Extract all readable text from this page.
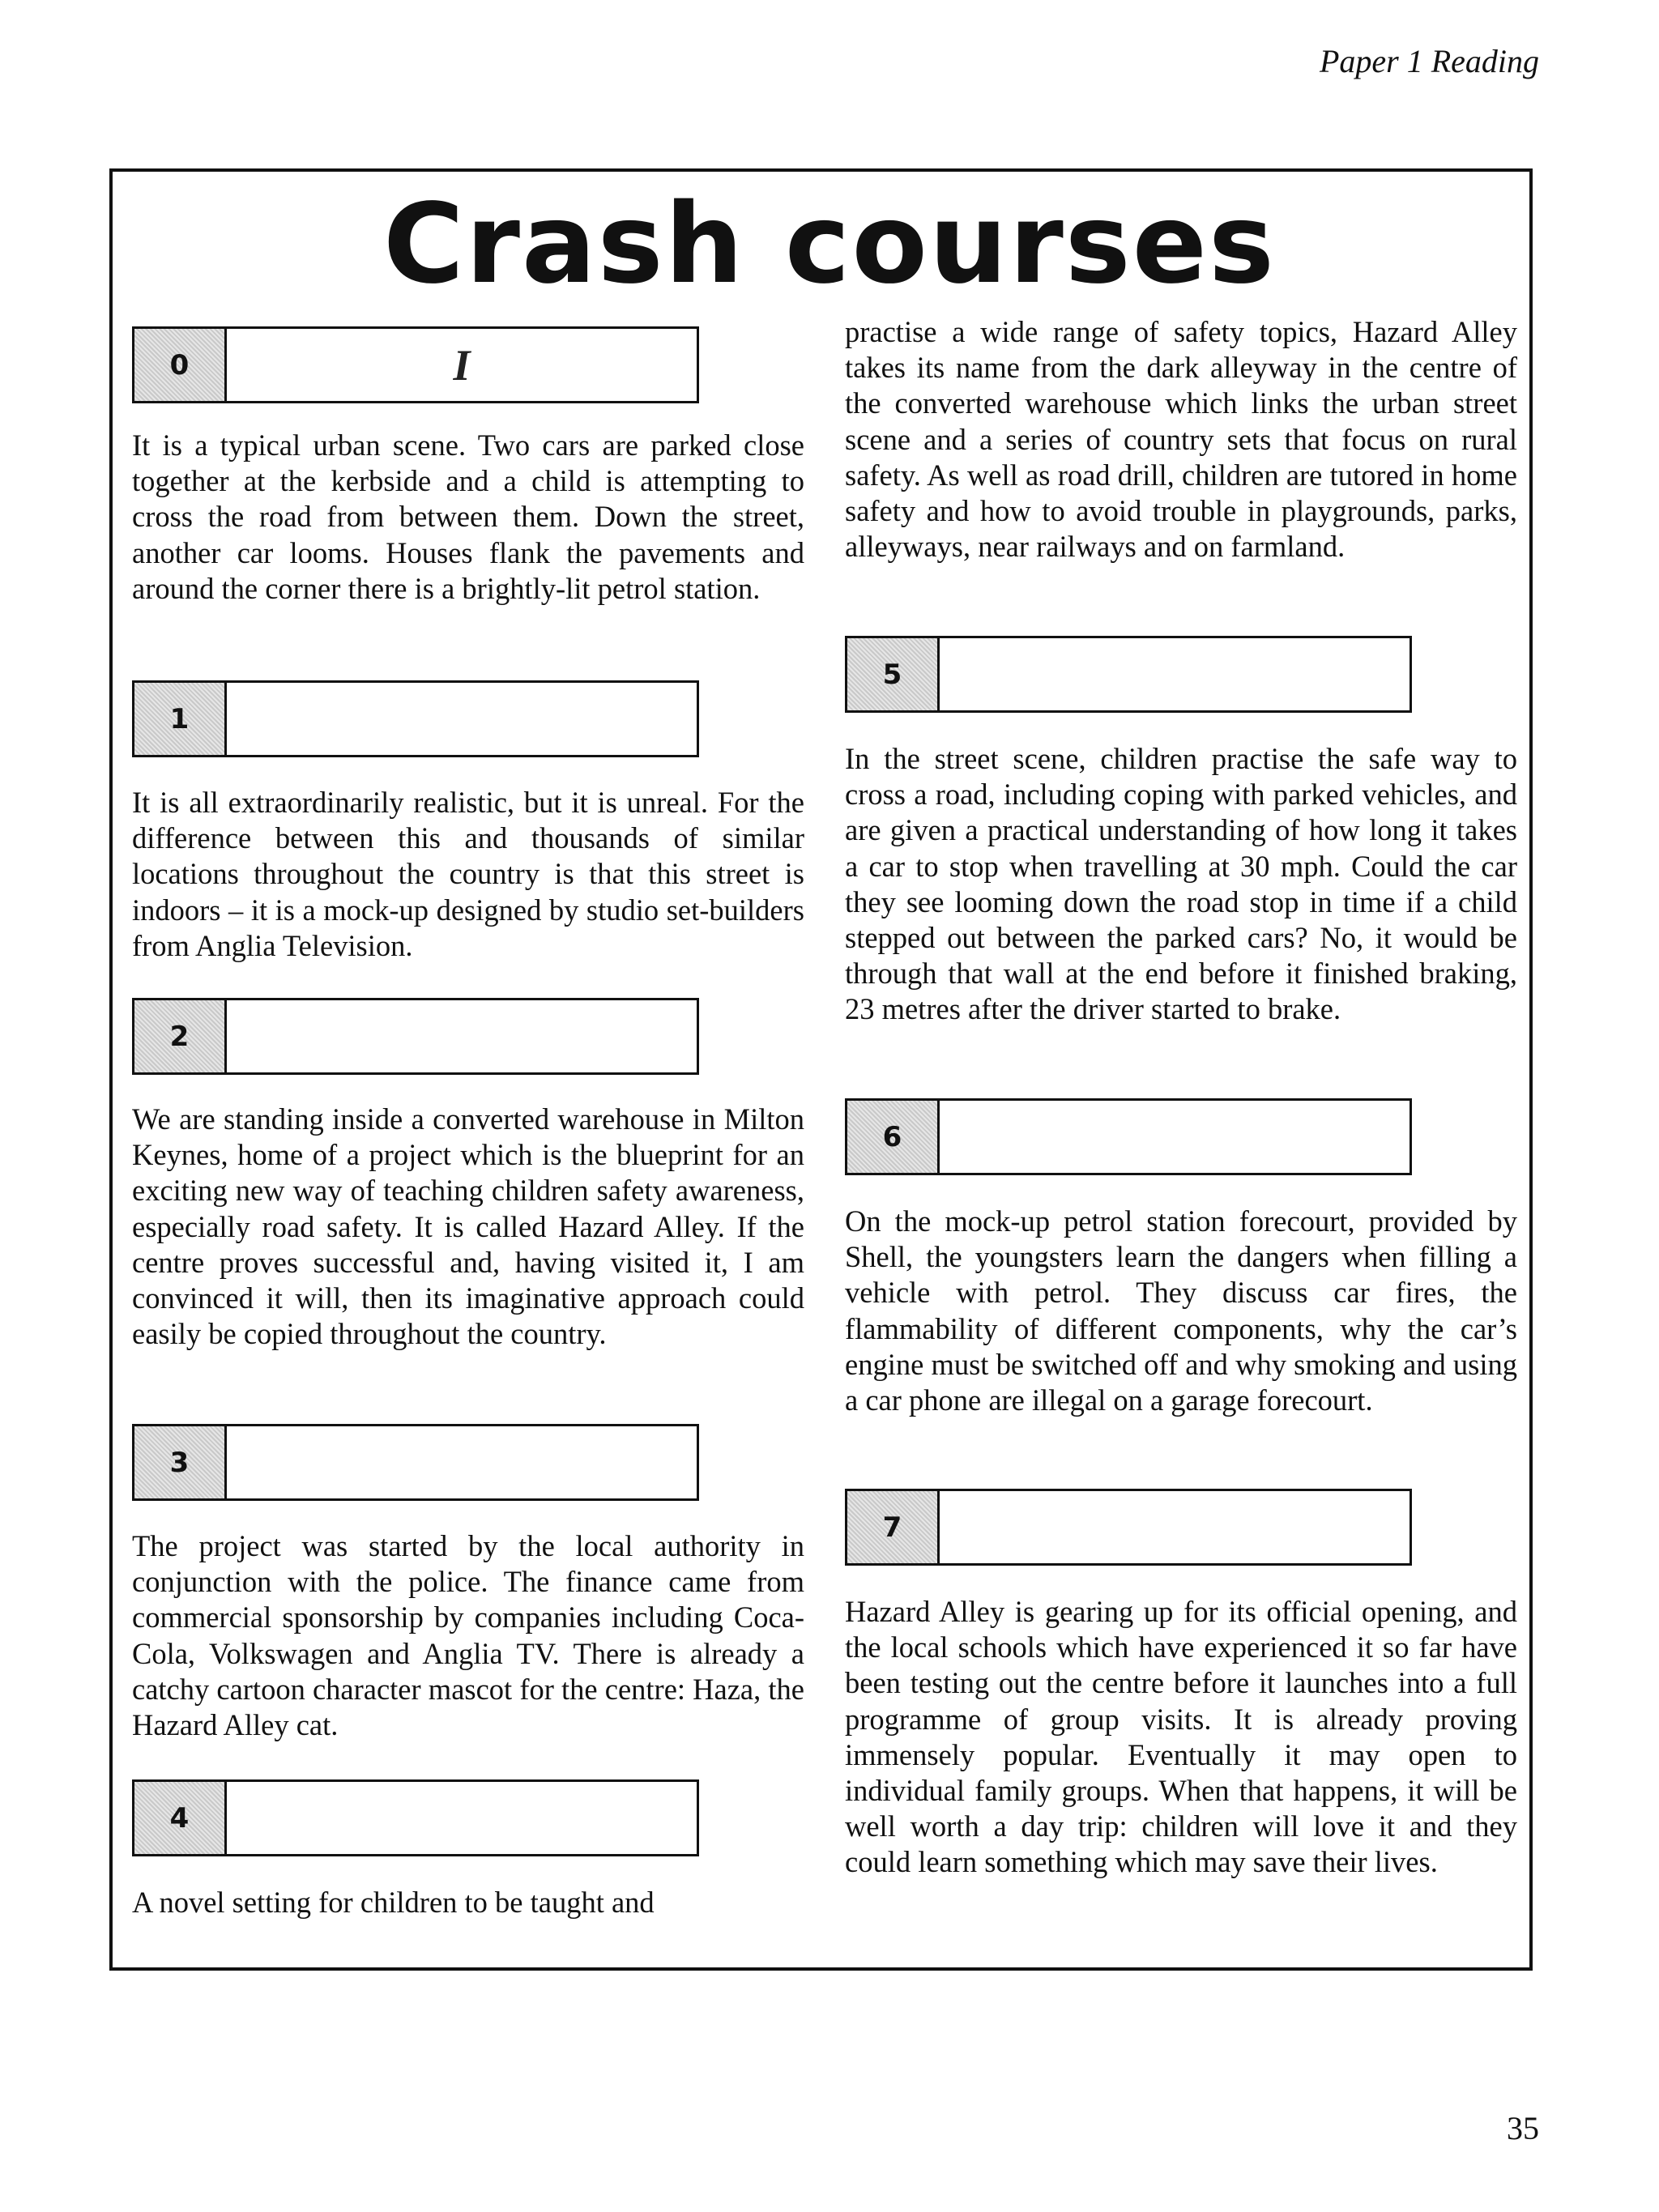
Paper 1 Reading
Crash courses
0	I

It is a typical urban scene. Two cars are parked close together at the kerbside and a child is attempting to cross the road from between them. Down the street, another car looms. Houses flank the pavements and around the corner there is a brightly-lit petrol station.

1

It is all extraordinarily realistic, but it is unreal. For the difference between this and thousands of similar locations throughout the country is that this street is indoors – it is a mock-up designed by studio set-builders from Anglia Television.

2

We are standing inside a converted warehouse in Milton Keynes, home of a project which is the blueprint for an exciting new way of teaching children safety awareness, especially road safety. It is called Hazard Alley. If the centre proves successful and, having visited it, I am convinced it will, then its imaginative approach could easily be copied throughout the country.

3

The project was started by the local authority in conjunction with the police. The finance came from commercial sponsorship by companies including Coca-Cola, Volkswagen and Anglia TV. There is already a catchy cartoon character mascot for the centre: Haza, the Hazard Alley cat.

4

A novel setting for children to be taught and

practise a wide range of safety topics, Hazard Alley takes its name from the dark alleyway in the centre of the converted warehouse which links the urban street scene and a series of country sets that focus on rural safety. As well as road drill, children are tutored in home safety and how to avoid trouble in playgrounds, parks, alleyways, near railways and on farmland.

5

In the street scene, children practise the safe way to cross a road, including coping with parked vehicles, and are given a practical understanding of how long it takes a car to stop when travelling at 30 mph. Could the car they see looming down the road stop in time if a child stepped out between the parked cars? No, it would be through that wall at the end before it finished braking, 23 metres after the driver started to brake.

6

On the mock-up petrol station forecourt, provided by Shell, the youngsters learn the dangers when filling a vehicle with petrol. They discuss car fires, the flammability of different components, why the car’s engine must be switched off and why smoking and using a car phone are illegal on a garage forecourt.

7

Hazard Alley is gearing up for its official opening, and the local schools which have experienced it so far have been testing out the centre before it launches into a full programme of group visits. It is already proving immensely popular. Eventually it may open to individual family groups. When that happens, it will be well worth a day trip: children will love it and they could learn something which may save their lives.

35
